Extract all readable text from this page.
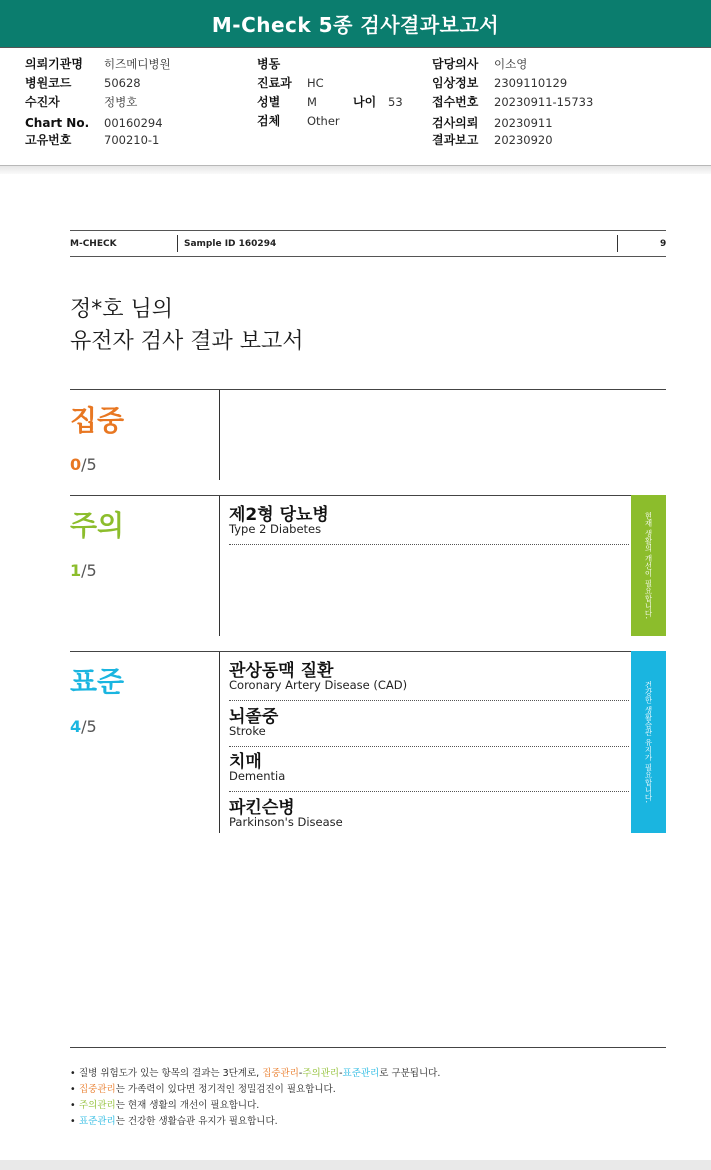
M-Check 5종 검사결과보고서
의뢰기관명 히즈메디병원
병원코드	50628
수진자	정병호
Chart No. 00160294
고유번호	700210-1
병동
진료과 HC
성별 M	나이 53
검체 Other
담당의사 이소영
임상정보 2309110129
접수번호 20230911-15733
검사의뢰 20230911
결과보고 20230920
M-CHECK	Sample ID 160294	9
정*호 님의
유전자 검사 결과 보고서
집중
0/5
주의
1/5
제2형 당뇨병
Type 2 Diabetes	현재 생활의 개선이 필요합니다.
표준
4/5
관상동맥 질환
Coronary Artery Disease (CAD)
뇌졸중
Stroke
치매
Dementia
파킨슨병
Parkinson's Disease
건강한 생활습관 유지가 필요합니다.
• 질병 위험도가 있는 항목의 결과는 3단계로, 집중관리-주의관리-표준관리로 구분됩니다.
• 집중관리는 가족력이 있다면 정기적인 정밀검진이 필요합니다.
• 주의관리는 현재 생활의 개선이 필요합니다.
• 표준관리는 건강한 생활습관 유지가 필요합니다.
